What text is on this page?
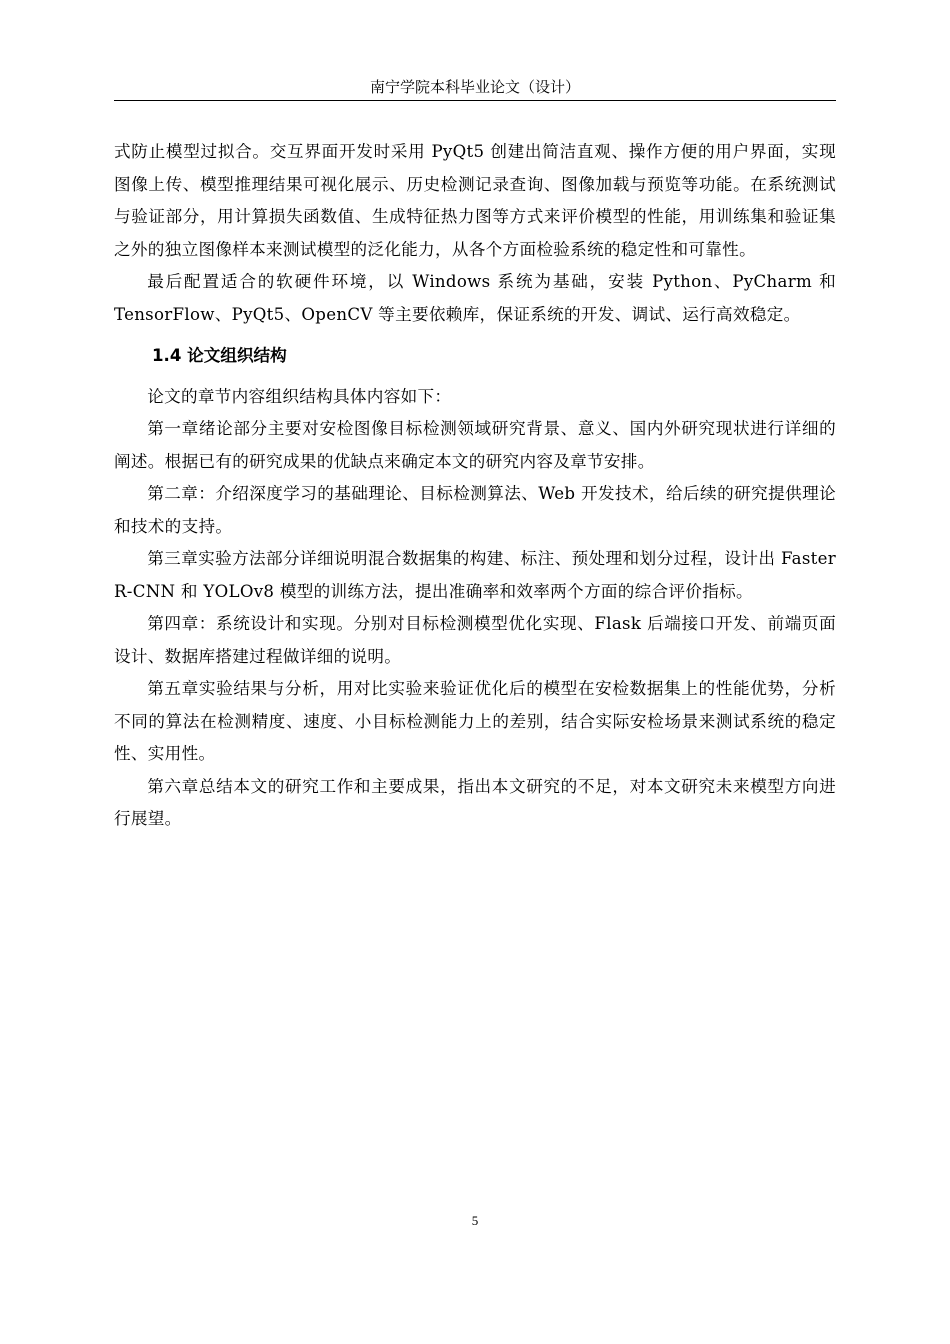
南宁学院本科毕业论文（设计）

式防止模型过拟合。交互界面开发时采用 PyQt5 创建出简洁直观、操作方便的用户界面，实现图像上传、模型推理结果可视化展示、历史检测记录查询、图像加载与预览等功能。在系统测试与验证部分，用计算损失函数值、生成特征热力图等方式来评价模型的性能，用训练集和验证集之外的独立图像样本来测试模型的泛化能力，从各个方面检验系统的稳定性和可靠性。

最后配置适合的软硬件环境，以 Windows 系统为基础，安装 Python、PyCharm 和 TensorFlow、PyQt5、OpenCV 等主要依赖库，保证系统的开发、调试、运行高效稳定。

1.4 论文组织结构

论文的章节内容组织结构具体内容如下：

第一章绪论部分主要对安检图像目标检测领域研究背景、意义、国内外研究现状进行详细的阐述。根据已有的研究成果的优缺点来确定本文的研究内容及章节安排。

第二章：介绍深度学习的基础理论、目标检测算法、Web 开发技术，给后续的研究提供理论和技术的支持。

第三章实验方法部分详细说明混合数据集的构建、标注、预处理和划分过程，设计出 Faster R-CNN 和 YOLOv8 模型的训练方法，提出准确率和效率两个方面的综合评价指标。

第四章：系统设计和实现。分别对目标检测模型优化实现、Flask 后端接口开发、前端页面设计、数据库搭建过程做详细的说明。

第五章实验结果与分析，用对比实验来验证优化后的模型在安检数据集上的性能优势，分析不同的算法在检测精度、速度、小目标检测能力上的差别，结合实际安检场景来测试系统的稳定性、实用性。

第六章总结本文的研究工作和主要成果，指出本文研究的不足，对本文研究未来模型方向进行展望。

5
